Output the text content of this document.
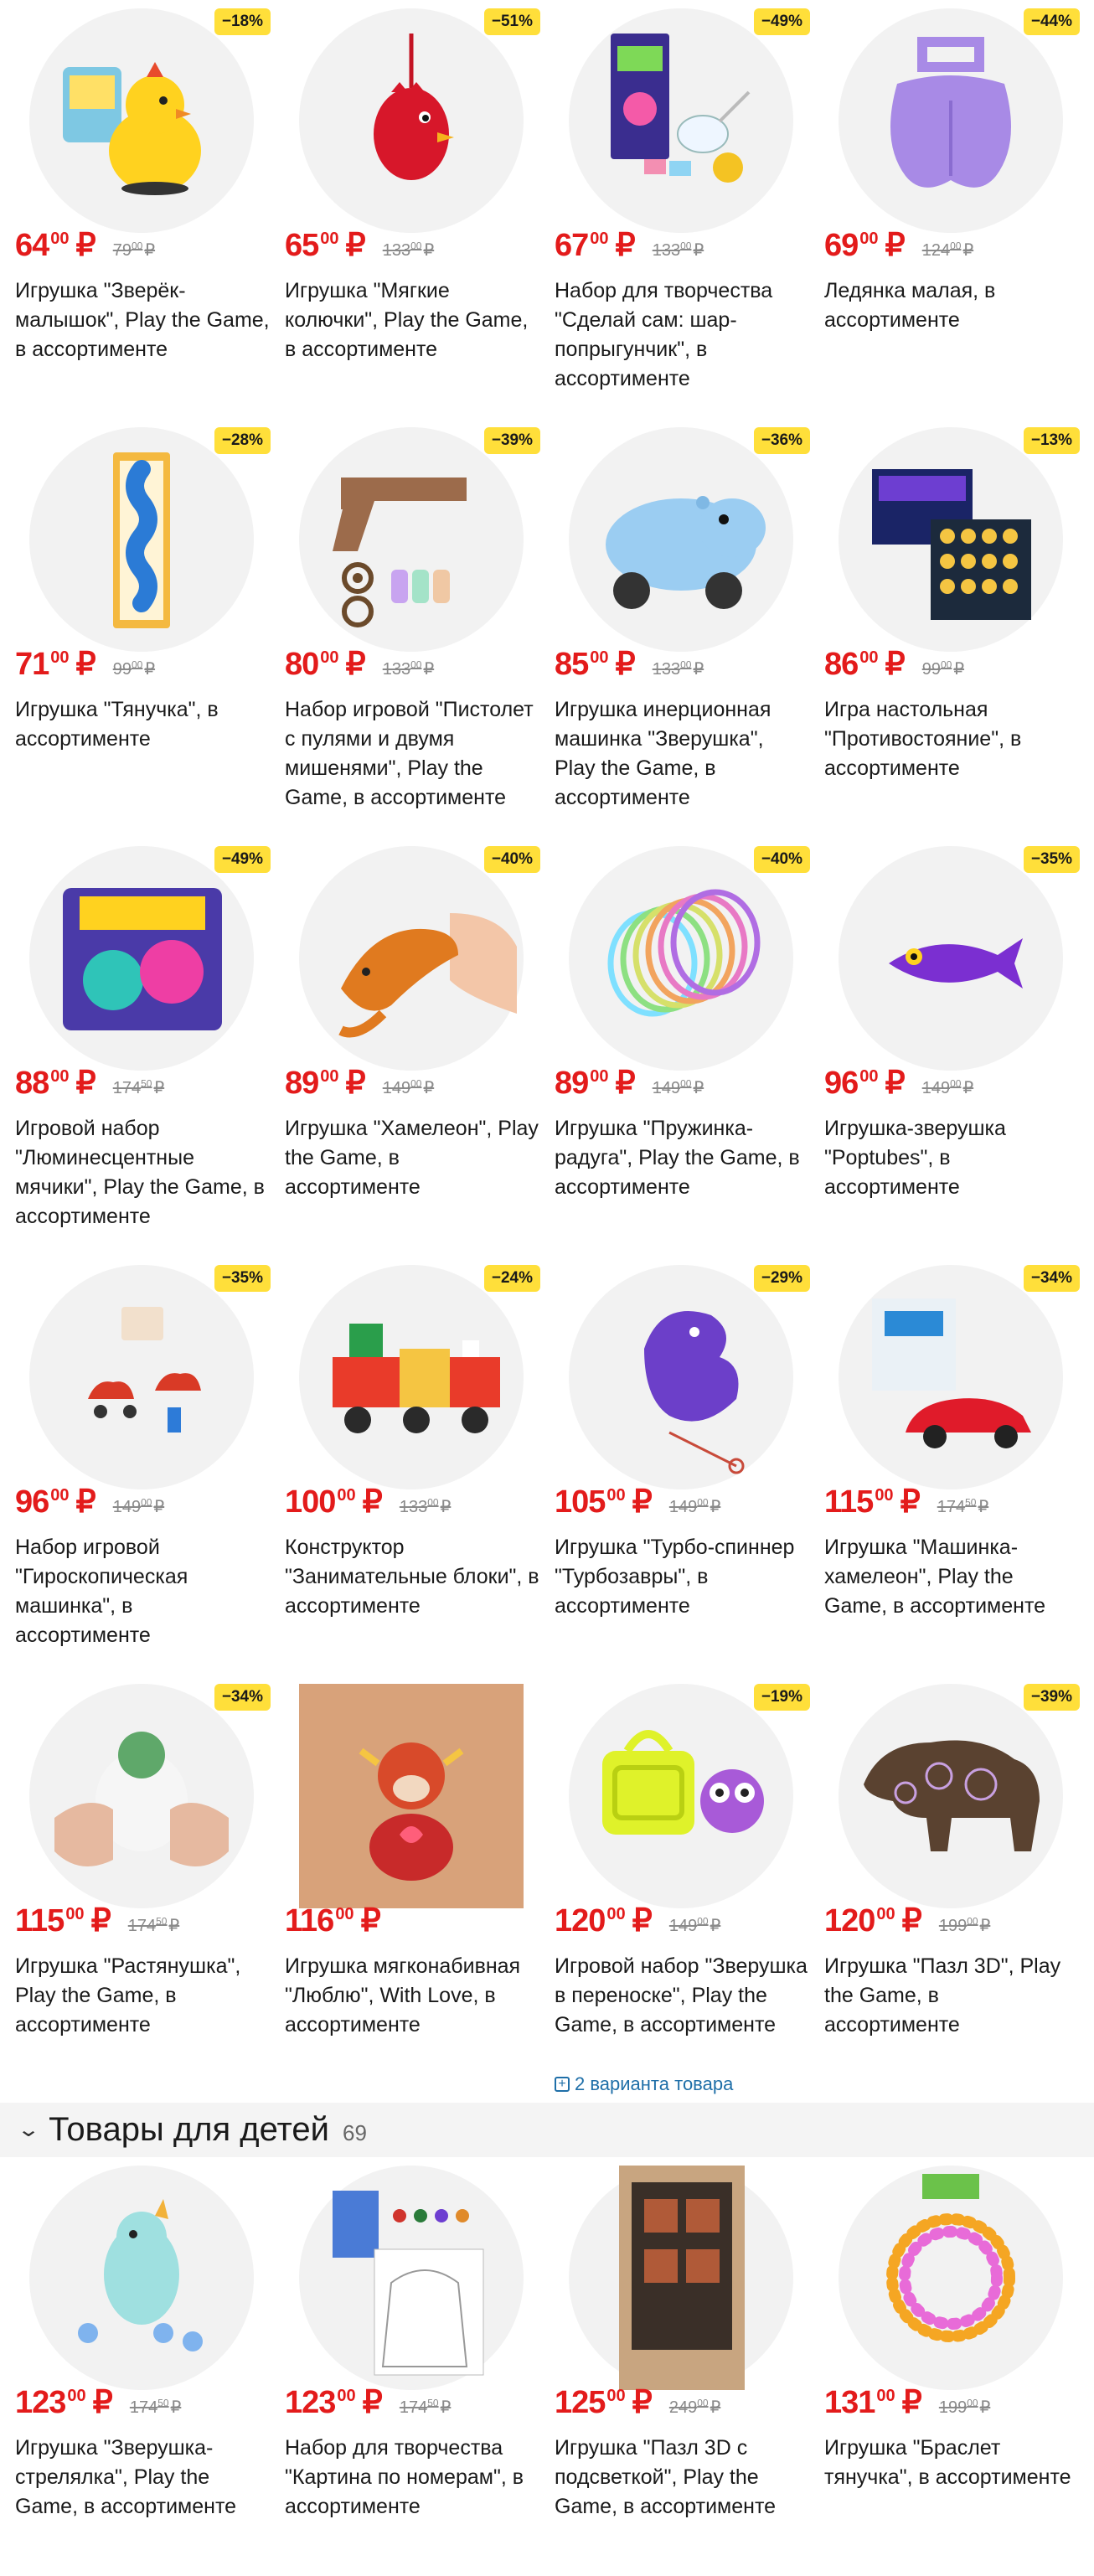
−18%
64 00 ₽ $79^{00}$ ₽
Игрушка "Зверёк-малышок", Play the Game, в ассортименте
−51%
65 00 ₽ $133^{00}$ ₽
Игрушка "Мягкие колючки", Play the Game, в ассортименте
−49%
67 00 ₽ $133^{00}$ ₽
Набор для творчества "Сделай сам: шар-попрыгунчик", в ассортименте
−44%
69 00 ₽ $124^{00}$ ₽
Ледянка малая, в ассортименте
−28%
71 00 ₽ $99^{00}$ ₽
Игрушка "Тянучка", в ассортименте
−39%
80 00 ₽ $133^{00}$ ₽
Набор игровой "Пистолет с пулями и двумя мишенями", Play the Game, в ассортименте
−36%
85 00 ₽ $133^{00}$ ₽
Игрушка инерционная машинка "Зверушка", Play the Game, в ассортименте
−13%
86 00 ₽ $99^{00}$ ₽
Игра настольная "Противостояние", в ассортименте
−49%
88 00 ₽ $174^{50}$ ₽
Игровой набор "Люминесцентные мячики", Play the Game, в ассортименте
−40%
89 00 ₽ $149^{00}$ ₽
Игрушка "Хамелеон", Play the Game, в ассортименте
−40%
89 00 ₽ $149^{00}$ ₽
Игрушка "Пружинка-радуга", Play the Game, в ассортименте
−35%
96 00 ₽ $149^{00}$ ₽
Игрушка-зверушка "Poptubes", в ассортименте
−35%
96 00 ₽ $149^{00}$ ₽
Набор игровой "Гироскопическая машинка", в ассортименте
−24%
100 00 ₽ $133^{00}$ ₽
Конструктор "Занимательные блоки", в ассортименте
−29%
105 00 ₽ $149^{00}$ ₽
Игрушка "Турбо-спиннер "Турбозавры", в ассортименте
−34%
115 00 ₽ $174^{50}$ ₽
Игрушка "Машинка-хамелеон", Play the Game, в ассортименте
−34%
115 00 ₽ $174^{50}$ ₽
Игрушка "Растянушка", Play the Game, в ассортименте
116 00 ₽
Игрушка мягконабивная "Люблю", With Love, в ассортименте
−19%
120 00 ₽ $149^{00}$ ₽
Игровой набор "Зверушка в переноске", Play the Game, в ассортименте
+ 2 варианта товара
−39%
120 00 ₽ $199^{00}$ ₽
Игрушка "Пазл 3D", Play the Game, в ассортименте
⌄ Товары для детей 69
123 00 ₽ $174^{50}$ ₽
Игрушка "Зверушка-стрелялка", Play the Game, в ассортименте
123 00 ₽ $174^{50}$ ₽
Набор для творчества "Картина по номерам", в ассортименте
125 00 ₽ $249^{00}$ ₽
Игрушка "Пазл 3D с подсветкой", Play the Game, в ассортименте
131 00 ₽ $199^{00}$ ₽
Игрушка "Браслет тянучка", в ассортименте
